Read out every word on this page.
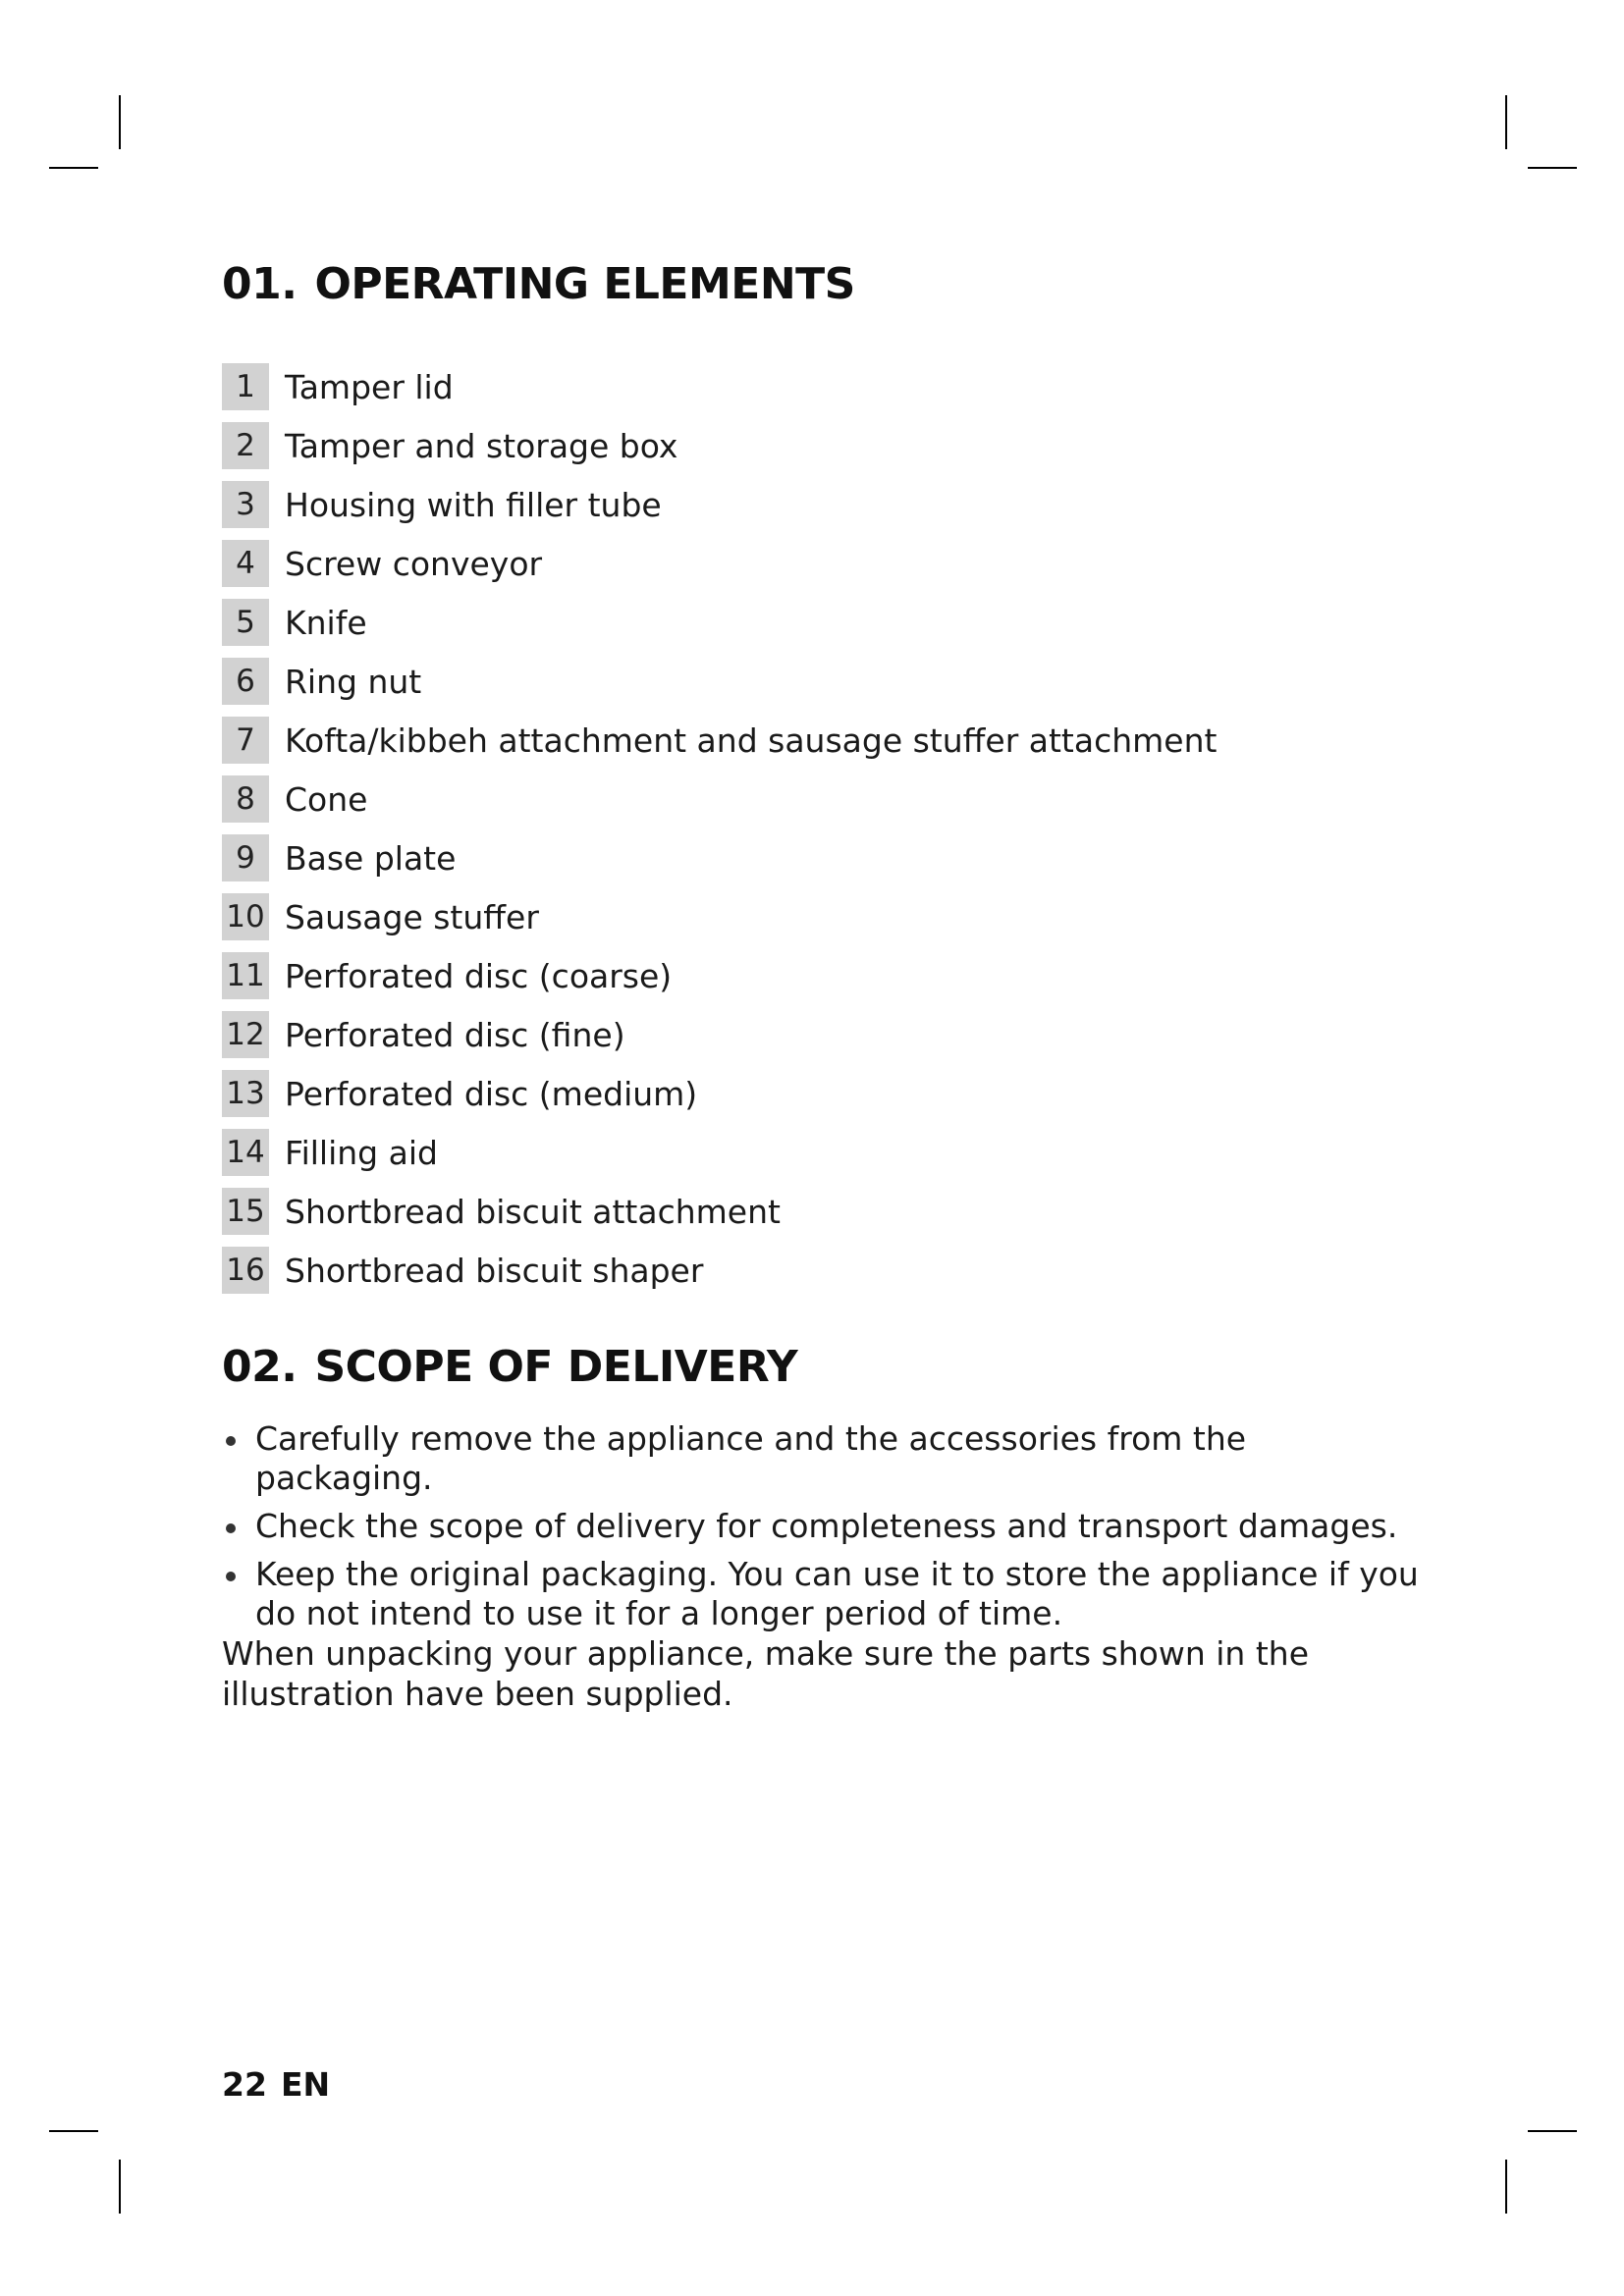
01. OPERATING ELEMENTS
1 Tamper lid
2 Tamper and storage box
3 Housing with filler tube
4 Screw conveyor
5 Knife
6 Ring nut
7 Kofta/kibbeh attachment and sausage stuffer attachment
8 Cone
9 Base plate
10 Sausage stuffer
11 Perforated disc (coarse)
12 Perforated disc (fine)
13 Perforated disc (medium)
14 Filling aid
15 Shortbread biscuit attachment
16 Shortbread biscuit shaper
02. SCOPE OF DELIVERY
Carefully remove the appliance and the accessories from the packaging.
Check the scope of delivery for completeness and transport damages.
Keep the original packaging. You can use it to store the appliance if you do not intend to use it for a longer period of time.

When unpacking your appliance, make sure the parts shown in the illustration have been supplied.

22 EN
